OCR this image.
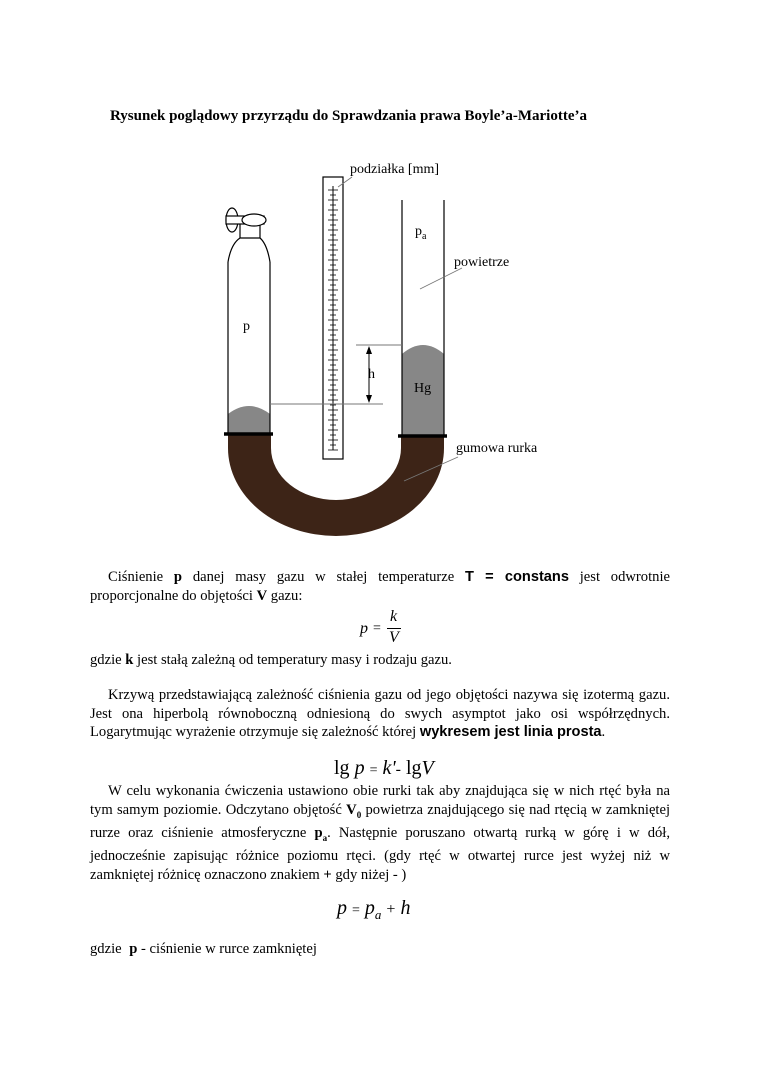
Rysunek poglądowy przyrządu do Sprawdzania prawa Boyle’a-Mariotte’a
podziałka [mm]
$p_a$
powietrze
p
h
Hg
gumowa rurka
Ciśnienie p danej masy gazu w stałej temperaturze T = constans jest odwrotnie proporcjonalne do objętości V gazu:
p =
k
V
gdzie k jest stałą zależną od temperatury masy i rodzaju gazu.
Krzywą przedstawiającą zależność ciśnienia gazu od jego objętości nazywa się izotermą gazu. Jest ona hiperbolą równoboczną odniesioną do swych asymptot jako osi współrzędnych. Logarytmując wyrażenie otrzymuje się zależność której wykresem jest linia prosta.
lg p = k'- lgV
W celu wykonania ćwiczenia ustawiono obie rurki tak aby znajdująca się w nich rtęć była na tym samym poziomie. Odczytano objętość $V_0$ powietrza znajdującego się nad rtęcią w zamkniętej rurze oraz ciśnienie atmosferyczne $p_a$. Następnie poruszano otwartą rurką w górę i w dół, jednocześnie zapisując różnice poziomu rtęci. (gdy rtęć w otwartej rurce jest wyżej niż w zamkniętej różnicę oznaczono znakiem + gdy niżej - )
$p = p_a + h$
gdzie p - ciśnienie w rurce zamkniętej
